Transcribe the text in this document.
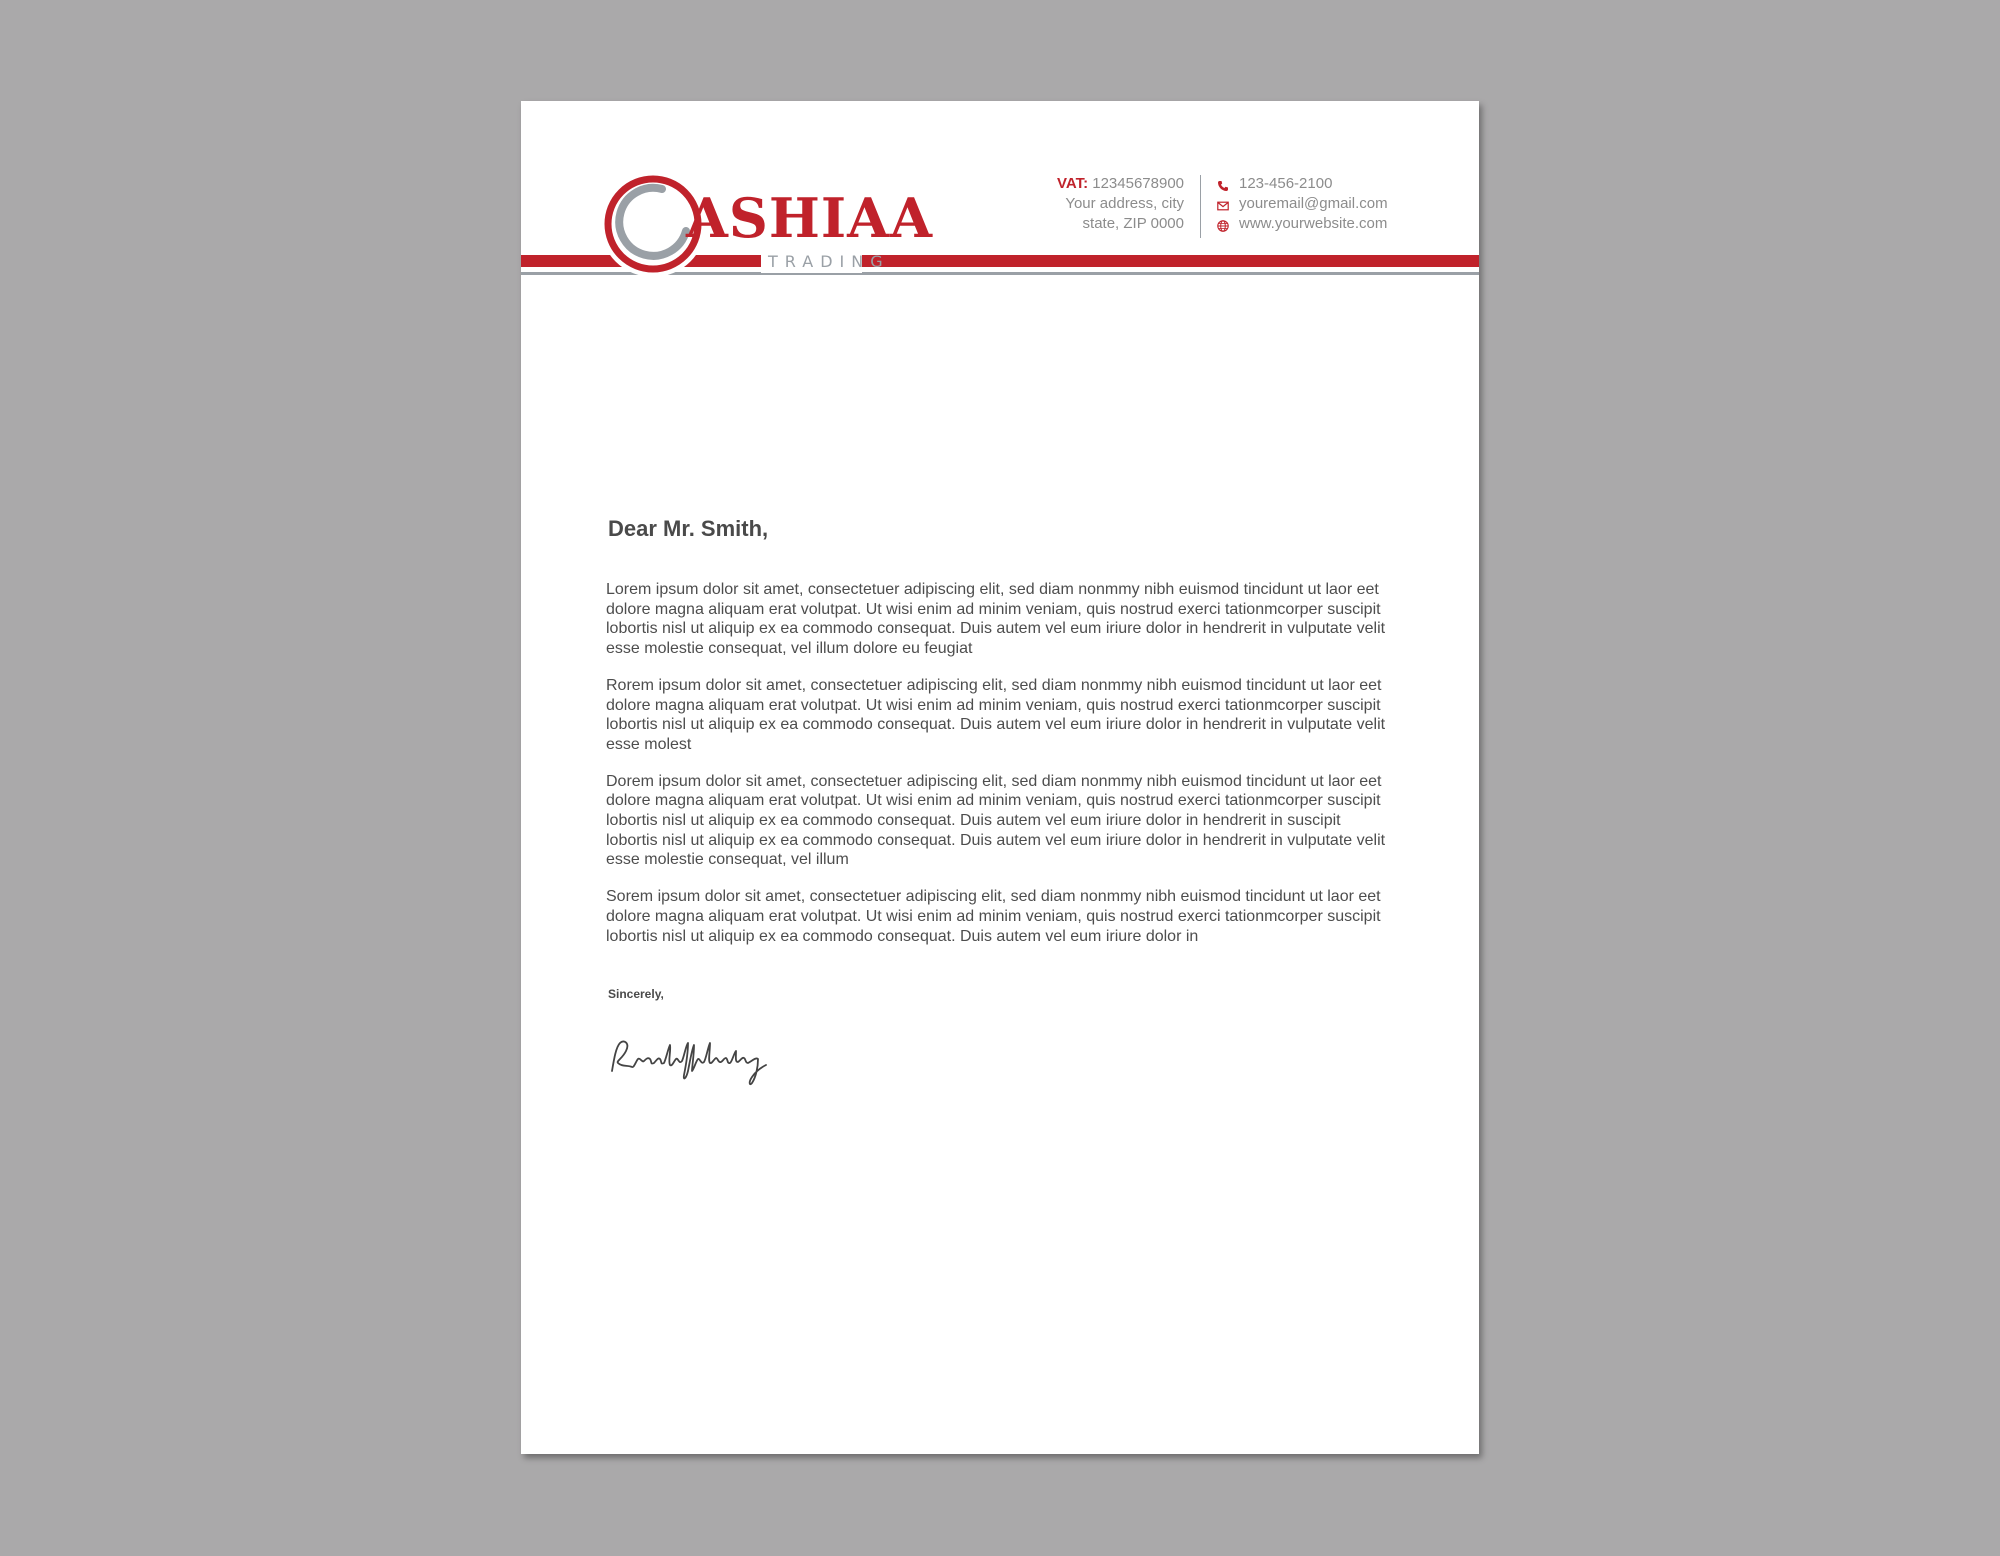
ASHIAA
TRADING
VAT: 12345678900
Your address, city
state, ZIP 0000
123-456-2100
youremail@gmail.com
www.yourwebsite.com
Dear Mr. Smith,

Lorem ipsum dolor sit amet, consectetuer adipiscing elit, sed diam nonmmy nibh euismod tincidunt ut laor eet dolore magna aliquam erat volutpat. Ut wisi enim ad minim veniam, quis nostrud exerci tationmcorper suscipit lobortis nisl ut aliquip ex ea commodo consequat. Duis autem vel eum iriure dolor in hendrerit in vulputate velit esse molestie consequat, vel illum dolore eu feugiat

Rorem ipsum dolor sit amet, consectetuer adipiscing elit, sed diam nonmmy nibh euismod tincidunt ut laor eet dolore magna aliquam erat volutpat. Ut wisi enim ad minim veniam, quis nostrud exerci tationmcorper suscipit lobortis nisl ut aliquip ex ea commodo consequat. Duis autem vel eum iriure dolor in hendrerit in vulputate velit esse molest

Dorem ipsum dolor sit amet, consectetuer adipiscing elit, sed diam nonmmy nibh euismod tincidunt ut laor eet dolore magna aliquam erat volutpat. Ut wisi enim ad minim veniam, quis nostrud exerci tationmcorper suscipit lobortis nisl ut aliquip ex ea commodo consequat. Duis autem vel eum iriure dolor in hendrerit in suscipit lobortis nisl ut aliquip ex ea commodo consequat. Duis autem vel eum iriure dolor in hendrerit in vulputate velit esse molestie consequat, vel illum

Sorem ipsum dolor sit amet, consectetuer adipiscing elit, sed diam nonmmy nibh euismod tincidunt ut laor eet dolore magna aliquam erat volutpat. Ut wisi enim ad minim veniam, quis nostrud exerci tationmcorper suscipit lobortis nisl ut aliquip ex ea commodo consequat. Duis autem vel eum iriure dolor in

Sincerely,
